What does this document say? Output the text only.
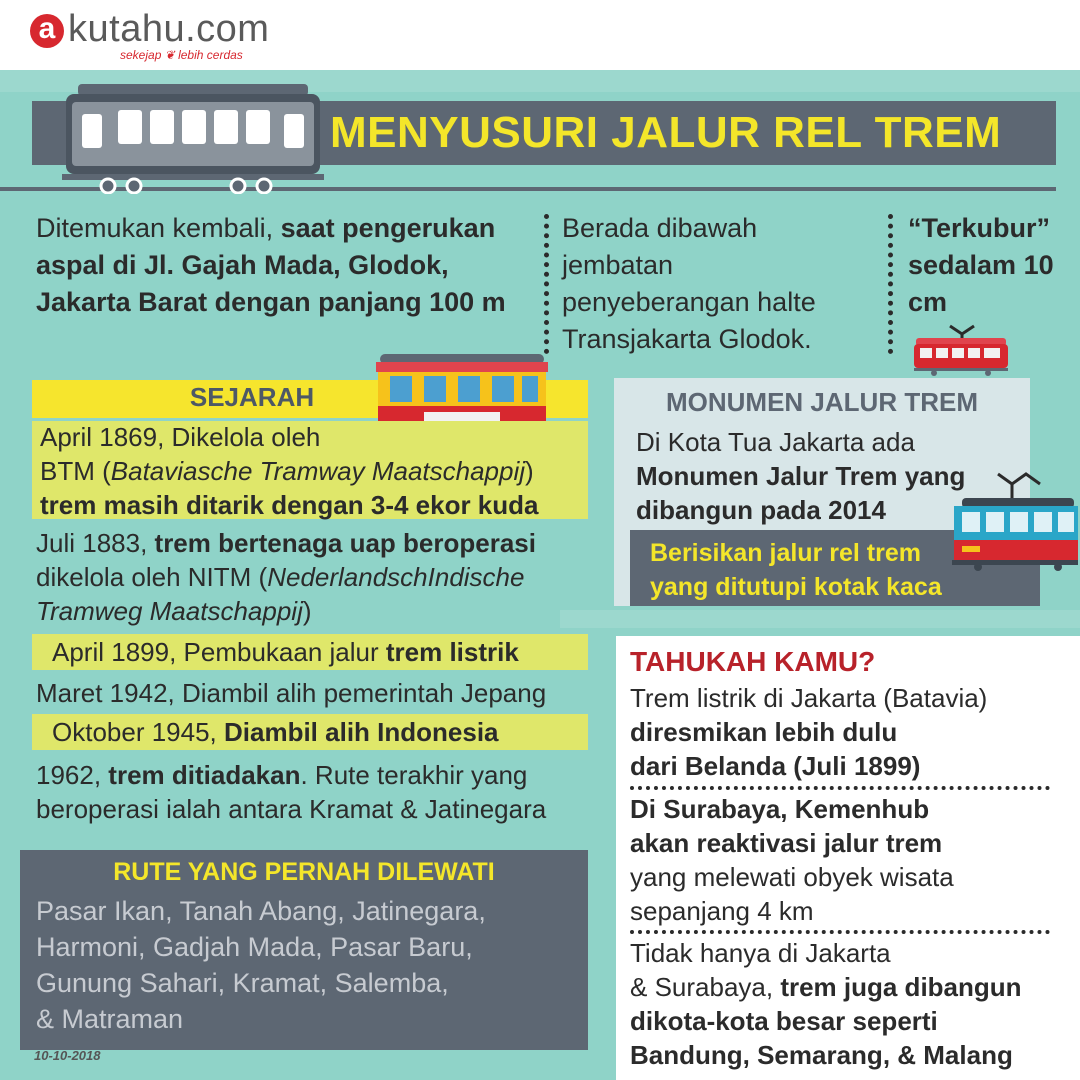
a kutahu.com
sekejap ❦ lebih cerdas
MENYUSURI JALUR REL TREM
Ditemukan kembali, saat pengerukan aspal di Jl. Gajah Mada, Glodok, Jakarta Barat dengan panjang 100 m
Berada dibawah jembatan penyeberangan halte Transjakarta Glodok.
“Terkubur” sedalam 10 cm
SEJARAH
April 1869, Dikelola oleh
BTM (Bataviasche Tramway Maatschappij)
trem masih ditarik dengan 3-4 ekor kuda
Juli 1883, trem bertenaga uap beroperasi
dikelola oleh NITM (NederlandschIndische
Tramweg Maatschappij)
April 1899, Pembukaan jalur trem listrik
Maret 1942, Diambil alih pemerintah Jepang
Oktober 1945, Diambil alih Indonesia
1962, trem ditiadakan. Rute terakhir yang
beroperasi ialah antara Kramat & Jatinegara
MONUMEN JALUR TREM
Di Kota Tua Jakarta ada
Monumen Jalur Trem yang
dibangun pada 2014
Berisikan jalur rel trem
yang ditutupi kotak kaca
TAHUKAH KAMU?
Trem listrik di Jakarta (Batavia)
diresmikan lebih dulu
dari Belanda (Juli 1899)
Di Surabaya, Kemenhub
akan reaktivasi jalur trem
yang melewati obyek wisata
sepanjang 4 km
Tidak hanya di Jakarta
& Surabaya, trem juga dibangun
dikota-kota besar seperti
Bandung, Semarang, & Malang
RUTE YANG PERNAH DILEWATI
Pasar Ikan, Tanah Abang, Jatinegara,
Harmoni, Gadjah Mada, Pasar Baru,
Gunung Sahari, Kramat, Salemba,
& Matraman
10-10-2018
